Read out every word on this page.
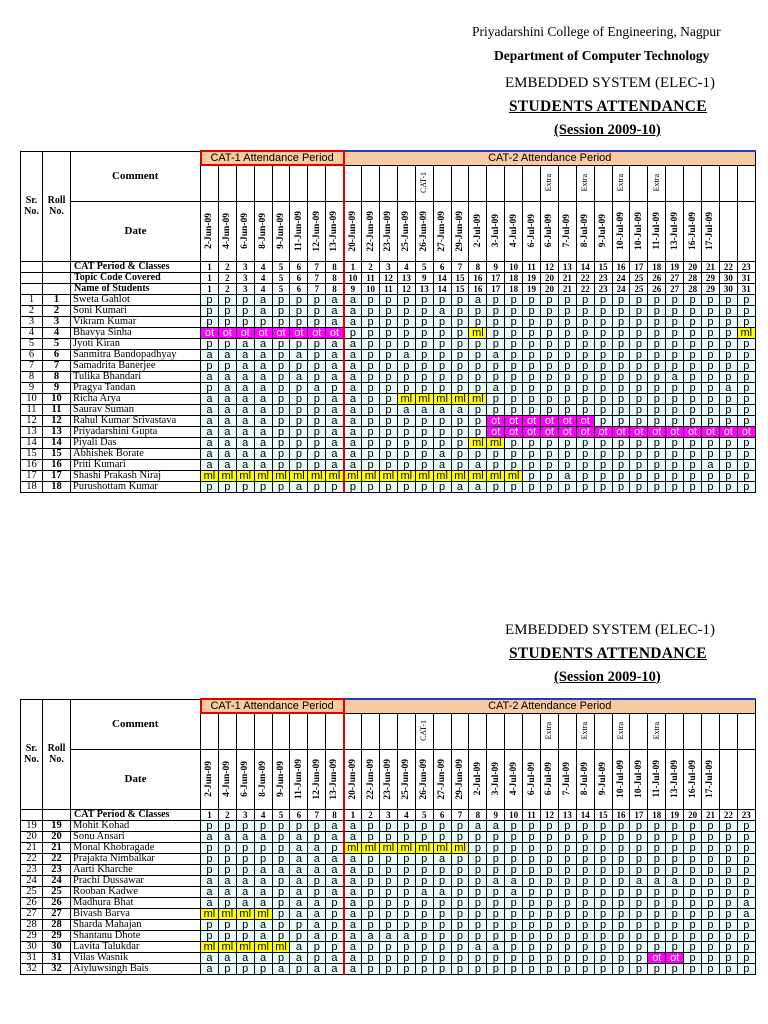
Priyadarshini College of Engineering, Nagpur
Department of Computer Technology
EMBEDDED SYSTEM (ELEC-1)
STUDENTS ATTENDANCE
(Session 2009-10)
Sr. No.	Roll No.	Comment	CAT-1 Attendance Period								CAT-2 Attendance Period																						

															CAT-1							Extra		Extra		Extra		Extra					

		Date	2-Jun-09	4-Jun-09	6-Jun-09	8-Jun-09	9-Jun-09	11-Jun-09	12-Jun-09	13-Jun-09	20-Jun-09	22-Jun-09	23-Jun-09	25-Jun-09	26-Jun-09	27-Jun-09	29-Jun-09	2-Jul-09	3-Jul-09	4-Jul-09	6-Jul-09	6-Jul-09	7-Jul-09	8-Jul-09	9-Jul-09	10-Jul-09	10-Jul-09	11-Jul-09	13-Jul-09	16-Jul-09	17-Jul-09		

		CAT Period & Classes	1	2	3	4	5	6	7	8	1	2	3	4	5	6	7	8	9	10	11	12	13	14	15	16	17	18	19	20	21	22	23
		Topic Code Covered	1	2	3	4	5	6	7	8	10	11	12	13	9	14	15	16	17	18	19	20	21	22	23	24	25	26	27	28	29	30	31
		Name of Students	1	2	3	4	5	6	7	8	9	10	11	12	13	14	15	16	17	18	19	20	21	22	23	24	25	26	27	28	29	30	31
1	1	Sweta Gahlot	p	p	p	a	p	p	p	a	a	p	p	p	p	p	p	a	p	p	p	p	p	p	p	p	p	p	p	p	p	p	p
2	2	Soni Kumari	p	p	p	a	p	p	p	a	a	p	p	p	p	a	p	p	p	p	p	p	p	p	p	p	p	p	p	p	p	p	p
3	3	Vikram Kumar	p	p	p	p	p	p	p	a	a	p	p	p	p	p	p	p	p	p	p	p	p	p	p	p	p	p	p	p	p	p	p
4	4	Bhavya Sinha	ot	ot	ot	ot	ot	ot	ot	ot	p	p	p	p	p	p	p	ml	p	p	p	p	p	p	p	p	p	p	p	p	p	p	ml
5	5	Jyoti Kiran	p	p	a	a	p	p	p	a	a	p	p	p	p	p	p	p	p	p	p	p	p	p	p	p	p	p	p	p	p	p	p
6	6	Sanmitra Bandopadhyay	a	a	a	a	p	a	p	a	a	p	p	a	p	p	p	p	a	p	p	p	p	p	p	p	p	p	p	p	p	p	p
7	7	Samadrita Banerjee	p	p	a	a	p	p	p	a	a	p	p	p	p	p	p	p	p	p	p	p	p	p	p	p	p	p	p	p	p	p	p
8	8	Tulika Bhandari	a	a	a	a	p	a	p	a	a	p	p	p	p	p	p	p	p	p	p	p	p	p	p	p	p	p	a	p	p	p	p
9	9	Pragya Tandan	p	a	a	a	p	p	a	p	a	p	p	p	p	p	p	p	a	p	p	p	p	p	p	p	p	p	p	p	p	a	p
10	10	Richa Arya	a	a	a	a	p	p	p	a	a	p	p	ml	ml	ml	ml	ml	p	p	p	p	p	p	p	p	p	p	p	p	p	p	p
11	11	Saurav Suman	a	a	a	a	p	p	p	a	a	p	p	a	a	a	a	p	p	p	p	p	p	p	p	p	p	p	p	p	p	p	p
12	12	Rahul Kumar Srivastava	a	a	a	a	p	p	p	a	a	p	p	p	p	p	p	p	ot	ot	ot	ot	ot	ot	p	p	p	p	p	p	p	p	p
13	13	Priyadarshini Gupta	a	a	a	a	p	p	p	a	a	p	p	p	p	p	p	p	ot	ot	ot	ot	ot	ot	ot	ot	ot	ot	ot	ot	ot	ot	ot
14	14	Piyali Das	a	a	a	a	p	p	p	a	a	p	p	p	p	p	p	ml	ml	p	p	p	p	p	p	p	p	p	p	p	p	p	p
15	15	Abhishek Borate	a	a	a	a	p	p	p	a	a	p	p	p	p	a	p	p	p	p	p	p	p	p	p	p	p	p	p	p	p	p	p
16	16	Priti Kumari	a	a	a	a	p	p	p	a	a	p	p	p	p	a	p	a	p	p	p	p	p	p	p	p	p	p	p	p	a	p	p
17	17	Shashi Prakash Niraj	ml	ml	ml	ml	ml	ml	ml	ml	ml	ml	ml	ml	ml	ml	ml	ml	ml	ml	p	p	a	p	p	p	p	p	p	p	p	p	p
18	18	Purushottam Kumar	p	p	p	p	p	a	p	p	p	p	p	p	p	p	a	a	p	p	p	p	p	p	p	p	p	p	p	p	p	p	p
EMBEDDED SYSTEM (ELEC-1)
STUDENTS ATTENDANCE
(Session 2009-10)
Sr. No.	Roll No.	Comment	CAT-1 Attendance Period								CAT-2 Attendance Period																						

															CAT-1							Extra		Extra		Extra		Extra					

		Date	2-Jun-09	4-Jun-09	6-Jun-09	8-Jun-09	9-Jun-09	11-Jun-09	12-Jun-09	13-Jun-09	20-Jun-09	22-Jun-09	23-Jun-09	25-Jun-09	26-Jun-09	27-Jun-09	29-Jun-09	2-Jul-09	3-Jul-09	4-Jul-09	6-Jul-09	6-Jul-09	7-Jul-09	8-Jul-09	9-Jul-09	10-Jul-09	10-Jul-09	11-Jul-09	13-Jul-09	16-Jul-09	17-Jul-09		

		CAT Period & Classes	1	2	3	4	5	6	7	8	1	2	3	4	5	6	7	8	9	10	11	12	13	14	15	16	17	18	19	20	21	22	23
19	19	Mohit Kohad	p	p	p	p	p	p	p	a	a	p	p	p	p	p	p	a	a	p	p	p	p	p	p	p	p	p	p	p	p	p	p
20	20	Sonu Ansari	a	a	a	a	p	a	p	a	a	p	p	p	p	p	p	p	p	p	p	p	p	p	p	p	p	p	p	p	p	p	p
21	21	Monal Khobragade	p	p	p	p	p	a	a	p	ml	ml	ml	ml	ml	ml	ml	p	p	p	p	p	p	p	p	p	p	p	p	p	p	p	p
22	22	Prajakta Nimbalkar	p	p	p	p	p	a	a	a	a	p	p	p	p	a	p	p	p	p	p	p	p	p	p	p	p	p	p	p	p	p	p
23	23	Aarti Kharche	p	p	p	a	a	a	a	a	a	p	p	p	p	p	p	p	p	p	p	p	p	p	p	p	p	p	p	p	p	p	p
24	24	Prachi Dussawar	a	a	a	a	p	a	p	a	a	p	p	p	p	p	p	p	a	a	p	p	p	p	p	p	a	a	a	p	p	p	p
25	25	Rooban Kadwe	a	a	a	a	p	a	p	a	a	p	p	p	a	a	p	p	p	a	p	p	p	p	p	p	p	p	p	p	p	p	p
26	26	Madhura Bhat	a	p	a	a	p	a	a	p	a	p	p	p	p	p	p	p	p	p	p	p	p	p	p	p	p	p	p	p	p	p	a
27	27	Bivash Barva	ml	ml	ml	ml	p	a	a	p	a	p	p	p	p	p	p	p	p	p	p	p	p	p	p	p	p	p	p	p	p	p	a
28	28	Sharda Mahajan	p	p	p	a	p	p	a	p	a	p	p	p	p	p	p	p	p	p	p	p	p	p	p	p	p	p	p	p	p	p	p
29	29	Shantanu Dhote	p	p	p	a	p	p	a	p	a	a	a	a	p	p	p	p	p	p	p	p	p	p	p	p	p	p	p	p	p	p	p
30	30	Lavita Talukdar	ml	ml	ml	ml	ml	a	p	p	a	p	p	p	p	p	p	a	a	p	p	p	p	p	p	p	p	p	p	p	p	p	p
31	31	Vilas Wasnik	a	a	a	a	p	a	p	a	a	p	p	p	p	p	p	p	p	p	p	p	p	p	p	p	p	ot	ot	p	p	p	p
32	32	Aiyluwsingh Bais	a	p	p	p	a	p	a	a	a	p	p	p	p	p	p	p	p	p	p	p	p	p	p	p	p	p	p	p	p	p	p
